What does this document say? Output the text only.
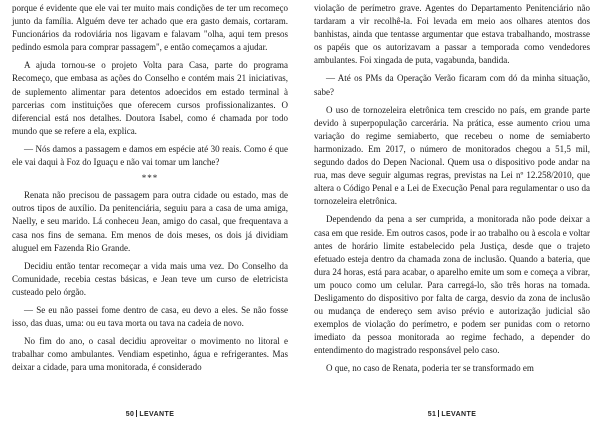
porque é evidente que ele vai ter muito mais condições de ter um recomeço junto da família. Alguém deve ter achado que era gasto demais, cortaram. Funcionários da rodoviária nos ligavam e falavam "olha, aqui tem presos pedindo esmola para comprar passagem", e então começamos a ajudar.

A ajuda tornou-se o projeto Volta para Casa, parte do programa Recomeço, que embasa as ações do Conselho e contém mais 21 iniciativas, de suplemento alimentar para detentos adoecidos em estado terminal à parcerias com instituições que oferecem cursos profissionalizantes. O diferencial está nos detalhes. Doutora Isabel, como é chamada por todo mundo que se refere a ela, explica.

— Nós damos a passagem e damos em espécie até 30 reais. Como é que ele vai daqui à Foz do Iguaçu e não vai tomar um lanche?

***

Renata não precisou de passagem para outra cidade ou estado, mas de outros tipos de auxílio. Da penitenciária, seguiu para a casa de uma amiga, Naelly, e seu marido. Lá conheceu Jean, amigo do casal, que frequentava a casa nos fins de semana. Em menos de dois meses, os dois já dividiam aluguel em Fazenda Rio Grande.

Decidiu então tentar recomeçar a vida mais uma vez. Do Conselho da Comunidade, recebia cestas básicas, e Jean teve um curso de eletricista custeado pelo órgão.

— Se eu não passei fome dentro de casa, eu devo a eles. Se não fosse isso, das duas, uma: ou eu tava morta ou tava na cadeia de novo.

No fim do ano, o casal decidiu aproveitar o movimento no litoral e trabalhar como ambulantes. Vendiam espetinho, água e refrigerantes. Mas deixar a cidade, para uma monitorada, é considerado

50 LEVANTE

violação de perímetro grave. Agentes do Departamento Penitenciário não tardaram a vir recolhê-la. Foi levada em meio aos olhares atentos dos banhistas, ainda que tentasse argumentar que estava trabalhando, mostrasse os papéis que os autorizavam a passar a temporada como vendedores ambulantes. Foi xingada de puta, vagabunda, bandida.

— Até os PMs da Operação Verão ficaram com dó da minha situação, sabe?

O uso de tornozeleira eletrônica tem crescido no país, em grande parte devido à superpopulação carcerária. Na prática, esse aumento criou uma variação do regime semiaberto, que recebeu o nome de semiaberto harmonizado. Em 2017, o número de monitorados chegou a 51,5 mil, segundo dados do Depen Nacional. Quem usa o dispositivo pode andar na rua, mas deve seguir algumas regras, previstas na Lei nº 12.258/2010, que altera o Código Penal e a Lei de Execução Penal para regulamentar o uso da tornozeleira eletrônica.

Dependendo da pena a ser cumprida, a monitorada não pode deixar a casa em que reside. Em outros casos, pode ir ao trabalho ou à escola e voltar antes de horário limite estabelecido pela Justiça, desde que o trajeto efetuado esteja dentro da chamada zona de inclusão. Quando a bateria, que dura 24 horas, está para acabar, o aparelho emite um som e começa a vibrar, um pouco como um celular. Para carregá-lo, são três horas na tomada. Desligamento do dispositivo por falta de carga, desvio da zona de inclusão ou mudança de endereço sem aviso prévio e autorização judicial são exemplos de violação do perímetro, e podem ser punidas com o retorno imediato da pessoa monitorada ao regime fechado, a depender do entendimento do magistrado responsável pelo caso.

O que, no caso de Renata, poderia ter se transformado em

51 LEVANTE
